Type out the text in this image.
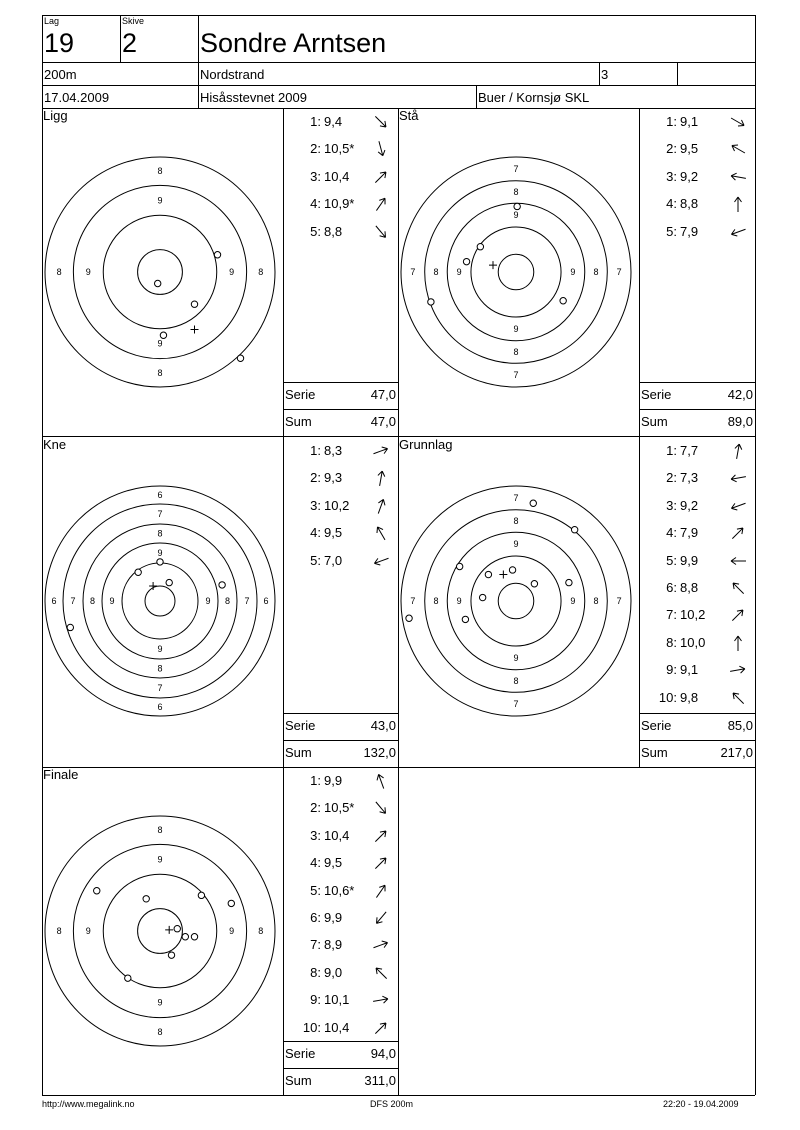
Lag
19
Skive
2 Sondre Arntsen
200m	Nordstrand	3
17.04.2009	Hisåsstevnet 2009	Buer / Kornsjø SKL
Ligg
8
8
8	8
9
9
9	9
1: 9,4
2: 10,5*
3: 10,4
4: 10,9*
5: 8,8
Serie	47,0
Sum	47,0
Stå
7
7
7	7
8
8
8	8
9
9
9	9
1: 9,1
2: 9,5
3: 9,2
4: 8,8
5: 7,9
Serie	42,0
Sum	89,0
Kne
6
6
6	6
7
7
7	7
8
8
8	8
9
9
9	9
1: 8,3
2: 9,3
3: 10,2
4: 9,5
5: 7,0
Serie	43,0
Sum	132,0
Grunnlag
7
7
7	7
8
8
8	8
9
9
9	9
1: 7,7
2: 7,3
3: 9,2
4: 7,9
5: 9,9
6: 8,8
7: 10,2
8: 10,0
9: 9,1
10: 9,8
Serie	85,0
Sum	217,0
Finale
8
8
8	8
9
9
9	9
1: 9,9
2: 10,5*
3: 10,4
4: 9,5
5: 10,6*
6: 9,9
7: 8,9
8: 9,0
9: 10,1
10: 10,4
Serie	94,0
Sum	311,0
http://www.megalink.no	DFS 200m	22:20 - 19.04.2009
